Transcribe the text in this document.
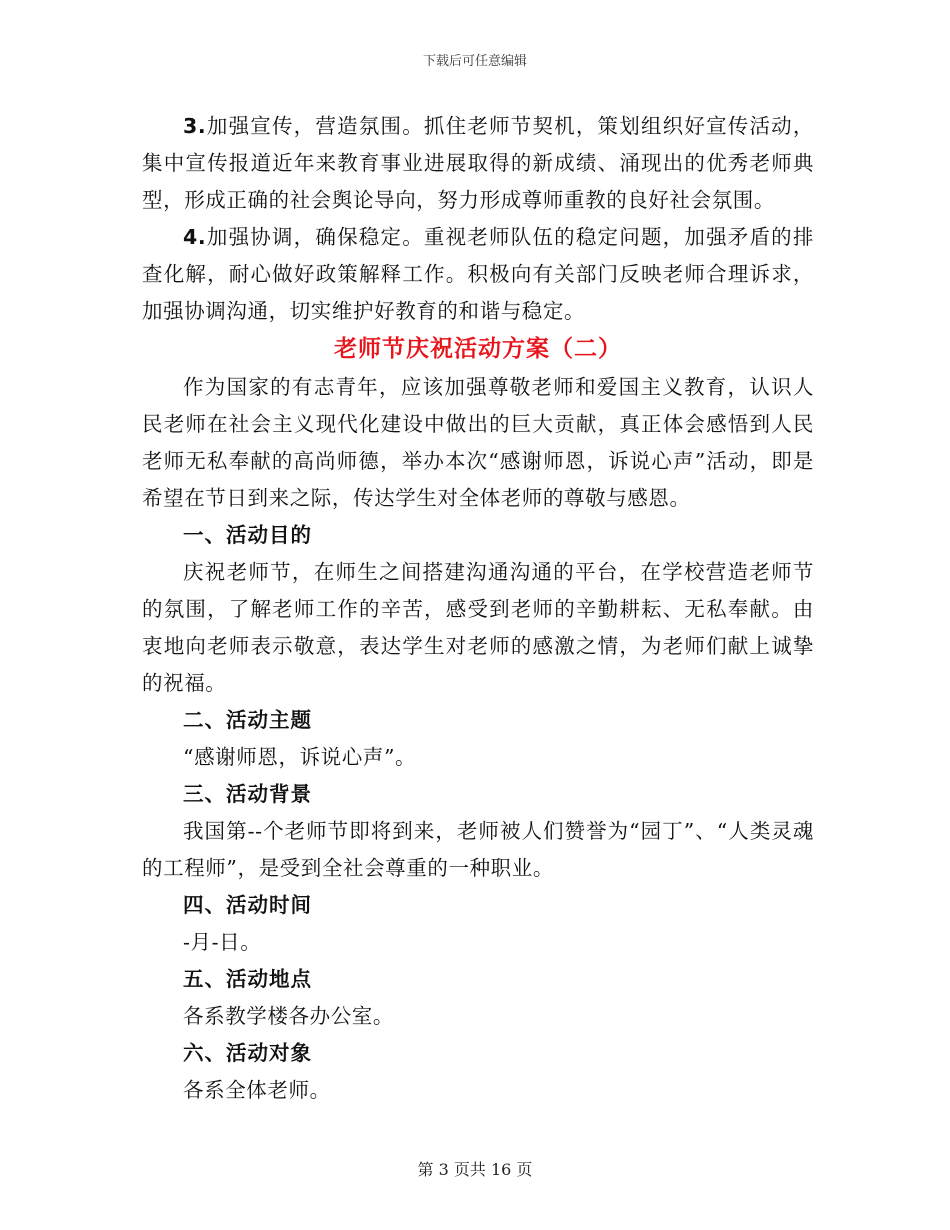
下载后可任意编辑

3.加强宣传，营造氛围。抓住老师节契机，策划组织好宣传活动，集中宣传报道近年来教育事业进展取得的新成绩、涌现出的优秀老师典型，形成正确的社会舆论导向，努力形成尊师重教的良好社会氛围。

4.加强协调，确保稳定。重视老师队伍的稳定问题，加强矛盾的排查化解，耐心做好政策解释工作。积极向有关部门反映老师合理诉求，加强协调沟通，切实维护好教育的和谐与稳定。

老师节庆祝活动方案（二）

作为国家的有志青年，应该加强尊敬老师和爱国主义教育，认识人民老师在社会主义现代化建设中做出的巨大贡献，真正体会感悟到人民老师无私奉献的高尚师德，举办本次“感谢师恩，诉说心声”活动，即是希望在节日到来之际，传达学生对全体老师的尊敬与感恩。

一、活动目的

庆祝老师节，在师生之间搭建沟通沟通的平台，在学校营造老师节的氛围，了解老师工作的辛苦，感受到老师的辛勤耕耘、无私奉献。由衷地向老师表示敬意，表达学生对老师的感激之情，为老师们献上诚挚的祝福。

二、活动主题

“感谢师恩，诉说心声”。

三、活动背景

我国第--个老师节即将到来，老师被人们赞誉为“园丁”、“人类灵魂的工程师”，是受到全社会尊重的一种职业。

四、活动时间

-月-日。

五、活动地点

各系教学楼各办公室。

六、活动对象

各系全体老师。

第 3 页共 16 页
